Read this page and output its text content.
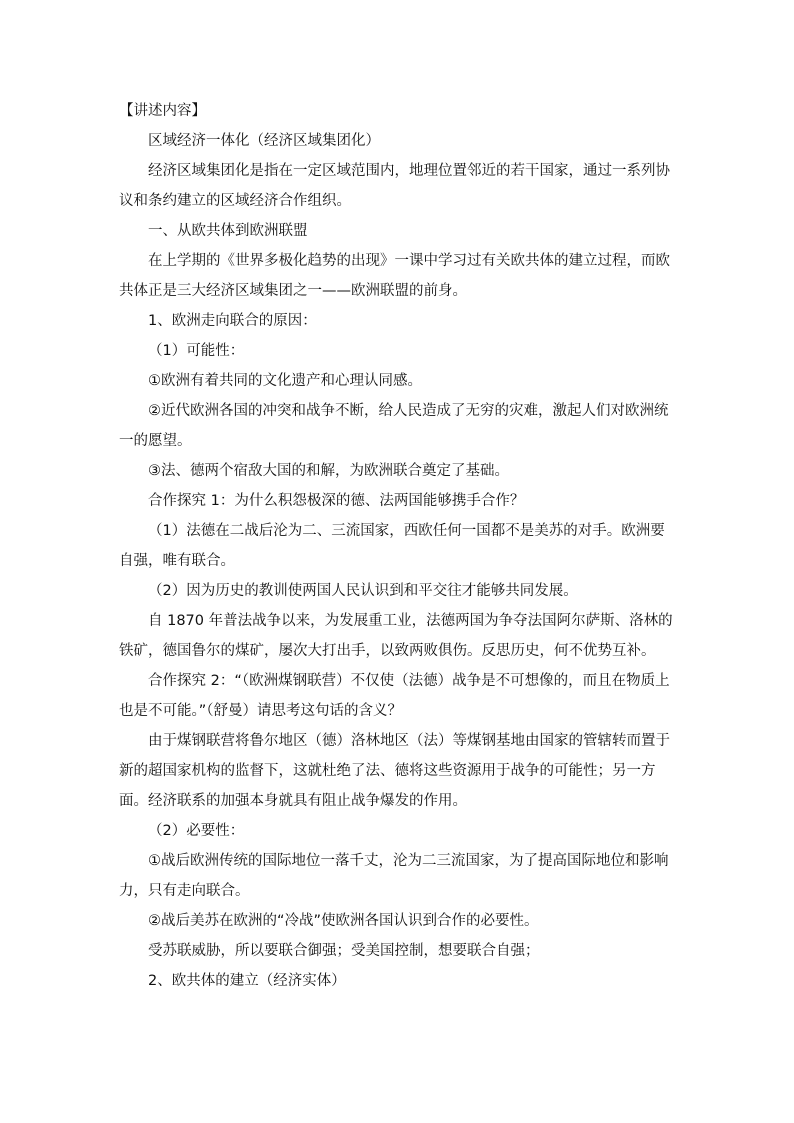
【讲述内容】

区域经济一体化（经济区域集团化）

经济区域集团化是指在一定区域范围内，地理位置邻近的若干国家，通过一系列协议和条约建立的区域经济合作组织。

一、从欧共体到欧洲联盟

在上学期的《世界多极化趋势的出现》一课中学习过有关欧共体的建立过程，而欧共体正是三大经济区域集团之一——欧洲联盟的前身。

1、欧洲走向联合的原因：

（1）可能性：

①欧洲有着共同的文化遗产和心理认同感。

②近代欧洲各国的冲突和战争不断，给人民造成了无穷的灾难，激起人们对欧洲统一的愿望。

③法、德两个宿敌大国的和解，为欧洲联合奠定了基础。

合作探究 1：为什么积怨极深的德、法两国能够携手合作？

（1）法德在二战后沦为二、三流国家，西欧任何一国都不是美苏的对手。欧洲要自强，唯有联合。

（2）因为历史的教训使两国人民认识到和平交往才能够共同发展。

自 1870 年普法战争以来，为发展重工业，法德两国为争夺法国阿尔萨斯、洛林的铁矿，德国鲁尔的煤矿，屡次大打出手，以致两败俱伤。反思历史，何不优势互补。

合作探究 2：“（欧洲煤钢联营）不仅使（法德）战争是不可想像的，而且在物质上也是不可能。”（舒曼）请思考这句话的含义？

由于煤钢联营将鲁尔地区（德）洛林地区（法）等煤钢基地由国家的管辖转而置于新的超国家机构的监督下，这就杜绝了法、德将这些资源用于战争的可能性；另一方面。经济联系的加强本身就具有阻止战争爆发的作用。

（2）必要性：

①战后欧洲传统的国际地位一落千丈，沦为二三流国家，为了提高国际地位和影响力，只有走向联合。

②战后美苏在欧洲的“冷战”使欧洲各国认识到合作的必要性。

受苏联威胁，所以要联合御强；受美国控制，想要联合自强；

2、欧共体的建立（经济实体）
